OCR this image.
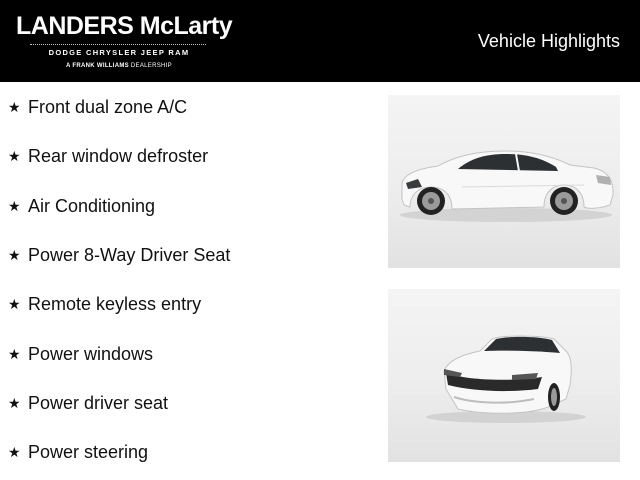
LANDERS McLarty
DODGE CHRYSLER JEEP RAM
A FRANK WILLIAMS DEALERSHIP
Vehicle Highlights
★ Front dual zone A/C
★ Rear window defroster
★ Air Conditioning
★ Power 8-Way Driver Seat
★ Remote keyless entry
★ Power windows
★ Power driver seat
★ Power steering
